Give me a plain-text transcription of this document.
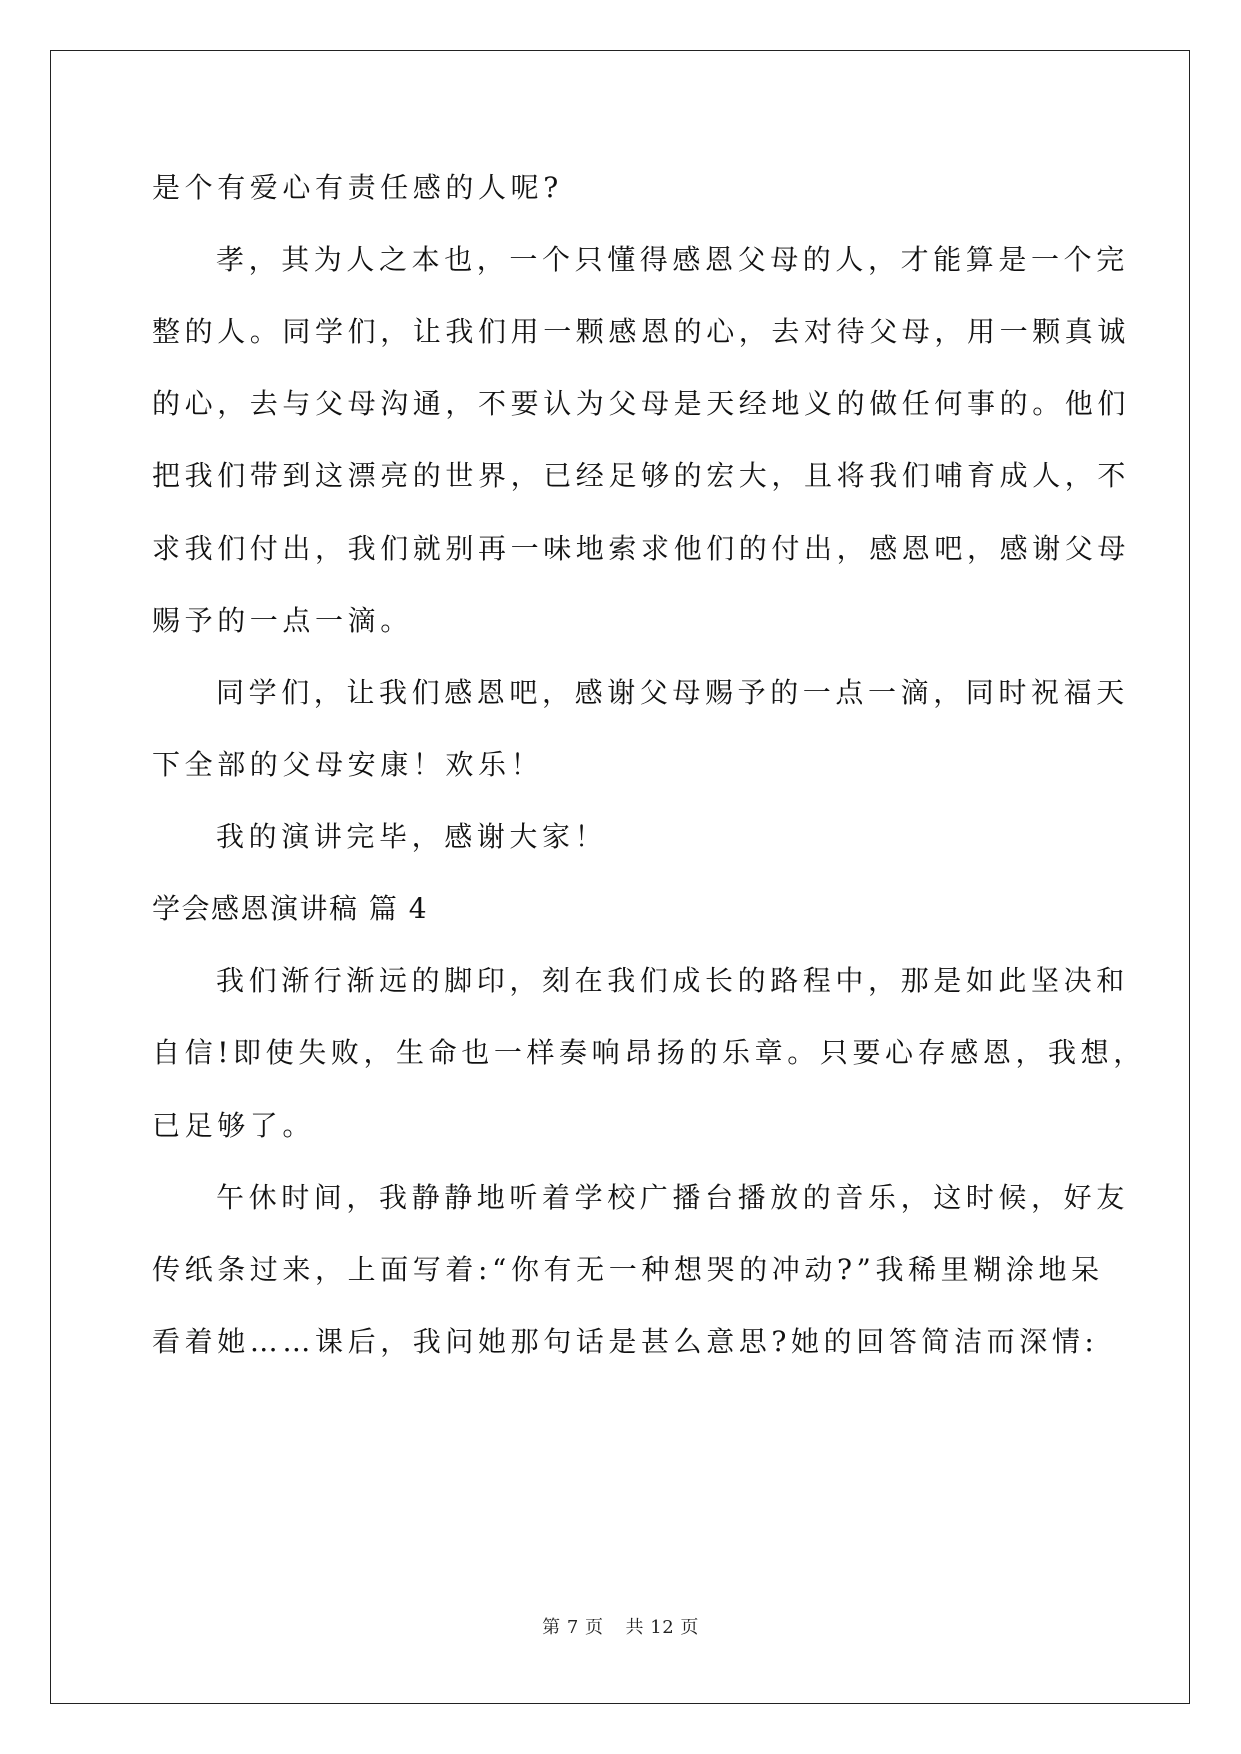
是个有爱心有责任感的人呢?
孝，其为人之本也，一个只懂得感恩父母的人，才能算是一个完
整的人。同学们，让我们用一颗感恩的心，去对待父母，用一颗真诚
的心，去与父母沟通，不要认为父母是天经地义的做任何事的。他们
把我们带到这漂亮的世界，已经足够的宏大，且将我们哺育成人，不
求我们付出，我们就别再一味地索求他们的付出，感恩吧，感谢父母
赐予的一点一滴。
同学们，让我们感恩吧，感谢父母赐予的一点一滴，同时祝福天
下全部的父母安康！欢乐！
我的演讲完毕，感谢大家！
学会感恩演讲稿 篇 4
我们渐行渐远的脚印，刻在我们成长的路程中，那是如此坚决和
自信!即使失败，生命也一样奏响昂扬的乐章。只要心存感恩，我想，
已足够了。
午休时间，我静静地听着学校广播台播放的音乐，这时候，好友
传纸条过来，上面写着:“你有无一种想哭的冲动?”我稀里糊涂地呆
看着她……课后，我问她那句话是甚么意思?她的回答简洁而深情:
第 7 页 共 12 页
